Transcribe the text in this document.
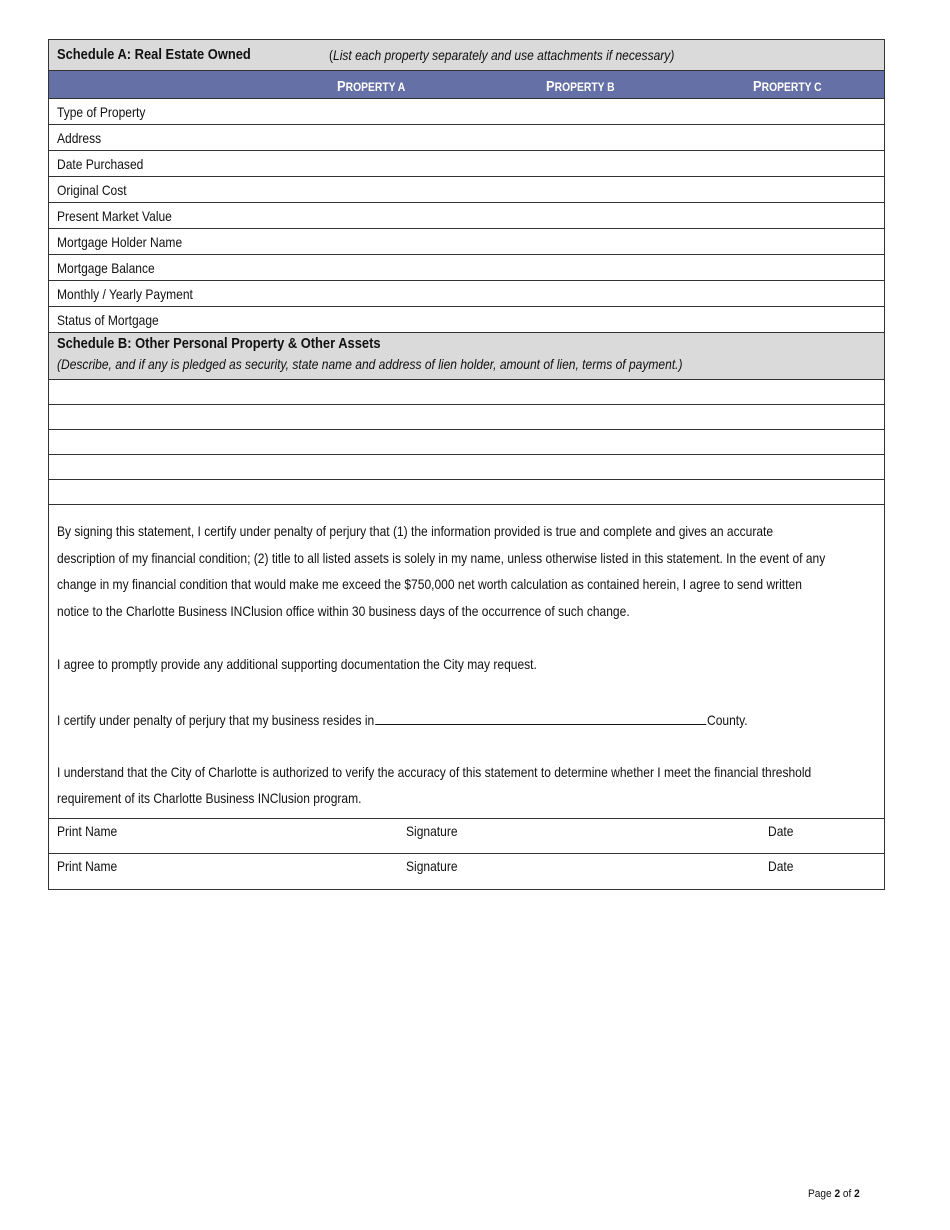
Schedule A: Real Estate Owned	(List each property separately and use attachments if necessary)
PROPERTY A	PROPERTY B	PROPERTY C
Type of Property
Address
Date Purchased
Original Cost
Present Market Value
Mortgage Holder Name
Mortgage Balance
Monthly / Yearly Payment
Status of Mortgage
Schedule B: Other Personal Property & Other Assets
(Describe, and if any is pledged as security, state name and address of lien holder, amount of lien, terms of payment.)
By signing this statement, I certify under penalty of perjury that (1) the information provided is true and complete and gives an accurate
description of my financial condition; (2) title to all listed assets is solely in my name, unless otherwise listed in this statement. In the event of any
change in my financial condition that would make me exceed the $750,000 net worth calculation as contained herein, I agree to send written
notice to the Charlotte Business INClusion office within 30 business days of the occurrence of such change.
I agree to promptly provide any additional supporting documentation the City may request.
I certify under penalty of perjury that my business resides in	County.
I understand that the City of Charlotte is authorized to verify the accuracy of this statement to determine whether I meet the financial threshold
requirement of its Charlotte Business INClusion program.
Print Name	Signature	Date
Print Name	Signature	Date
Page 2 of 2
